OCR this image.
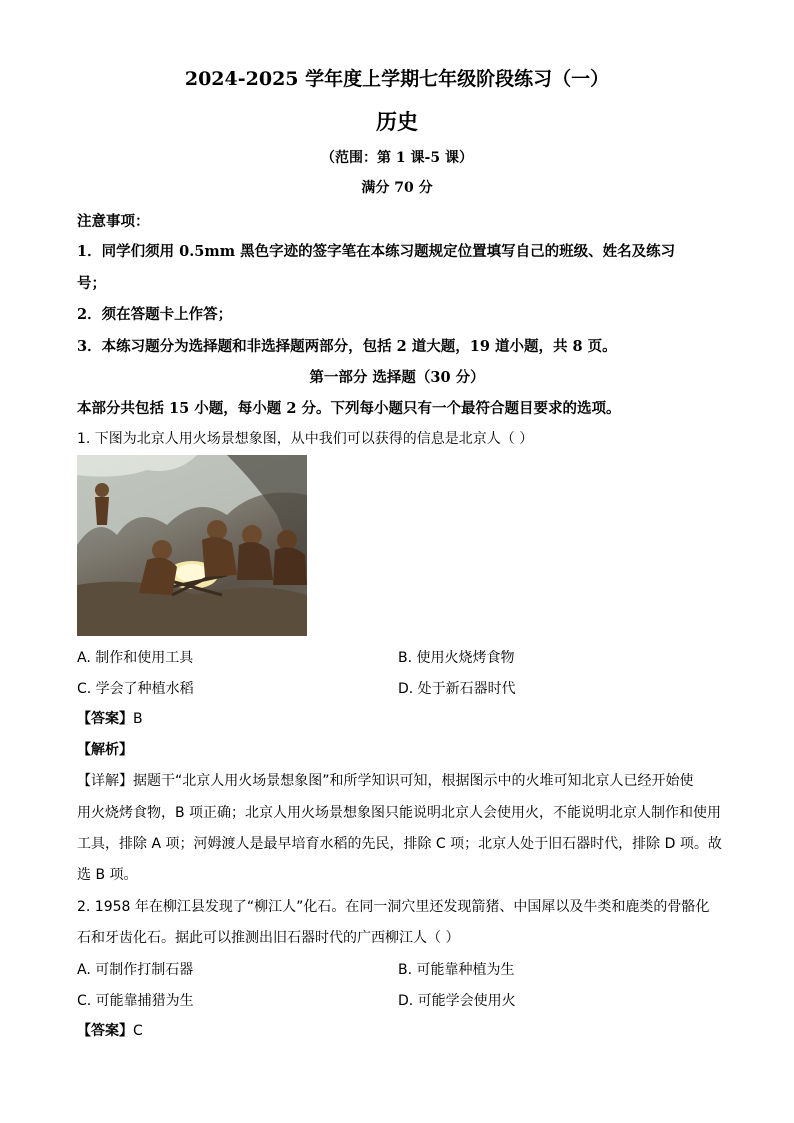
2024-2025 学年度上学期七年级阶段练习（一）
历史
（范围：第 1 课-5 课）
满分 70 分
注意事项：
1．同学们须用 0.5mm 黑色字迹的签字笔在本练习题规定位置填写自己的班级、姓名及练习
号；
2．须在答题卡上作答；
3．本练习题分为选择题和非选择题两部分，包括 2 道大题，19 道小题，共 8 页。
第一部分 选择题（30 分）
本部分共包括 15 小题，每小题 2 分。下列每小题只有一个最符合题目要求的选项。
1. 下图为北京人用火场景想象图，从中我们可以获得的信息是北京人（ ）
A. 制作和使用工具	B. 使用火烧烤食物
C. 学会了种植水稻	D. 处于新石器时代
【答案】B
【解析】
【详解】据题干“北京人用火场景想象图”和所学知识可知，根据图示中的火堆可知北京人已经开始使
用火烧烤食物，B 项正确；北京人用火场景想象图只能说明北京人会使用火，不能说明北京人制作和使用
工具，排除 A 项；河姆渡人是最早培育水稻的先民，排除 C 项；北京人处于旧石器时代，排除 D 项。故
选 B 项。
2. 1958 年在柳江县发现了“柳江人”化石。在同一洞穴里还发现箭猪、中国犀以及牛类和鹿类的骨骼化
石和牙齿化石。据此可以推测出旧石器时代的广西柳江人（ ）
A. 可制作打制石器	B. 可能靠种植为生
C. 可能靠捕猎为生	D. 可能学会使用火
【答案】C
